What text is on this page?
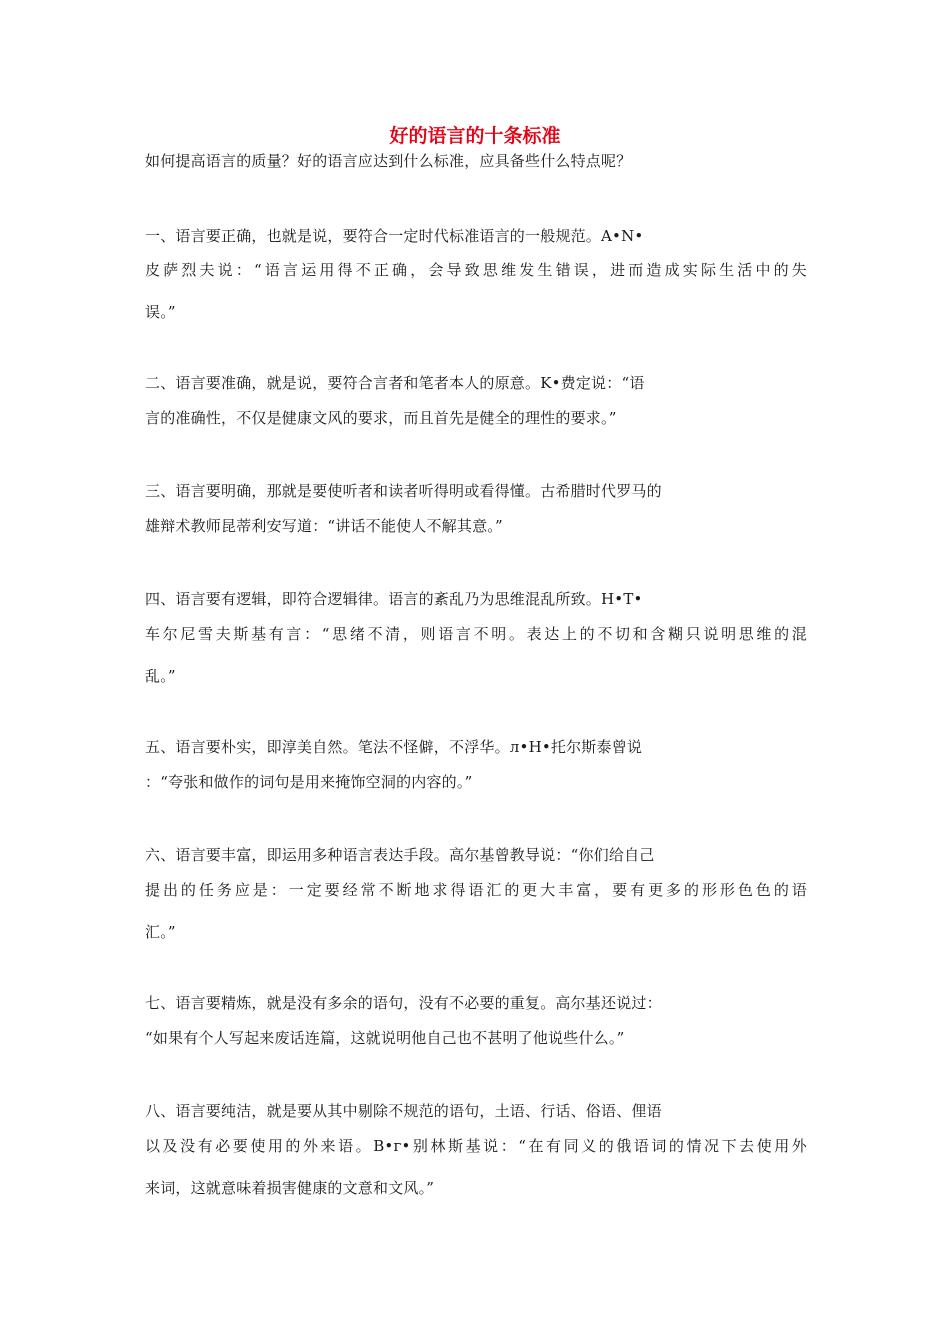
好的语言的十条标准
如何提高语言的质量？好的语言应达到什么标准，应具备些什么特点呢？
一、语言要正确，也就是说，要符合一定时代标准语言的一般规范。A•N•
皮萨烈夫说：“语言运用得不正确，会导致思维发生错误，进而造成实际生活中的失
误。”
二、语言要准确，就是说，要符合言者和笔者本人的原意。K•费定说：“语
言的准确性，不仅是健康文风的要求，而且首先是健全的理性的要求。”
三、语言要明确，那就是要使听者和读者听得明或看得懂。古希腊时代罗马的
雄辩术教师昆蒂利安写道：“讲话不能使人不解其意。”
四、语言要有逻辑，即符合逻辑律。语言的紊乱乃为思维混乱所致。H•T•
车尔尼雪夫斯基有言：“思绪不清，则语言不明。表达上的不切和含糊只说明思维的混
乱。”
五、语言要朴实，即淳美自然。笔法不怪僻，不浮华。л•H•托尔斯泰曾说
：“夸张和做作的词句是用来掩饰空洞的内容的。”
六、语言要丰富，即运用多种语言表达手段。高尔基曾教导说：“你们给自己
提出的任务应是：一定要经常不断地求得语汇的更大丰富，要有更多的形形色色的语
汇。”
七、语言要精炼，就是没有多余的语句，没有不必要的重复。高尔基还说过：
“如果有个人写起来废话连篇，这就说明他自己也不甚明了他说些什么。”
八、语言要纯洁，就是要从其中剔除不规范的语句，土语、行话、俗语、俚语
以及没有必要使用的外来语。B•г•别林斯基说：“在有同义的俄语词的情况下去使用外
来词，这就意味着损害健康的文意和文风。”
